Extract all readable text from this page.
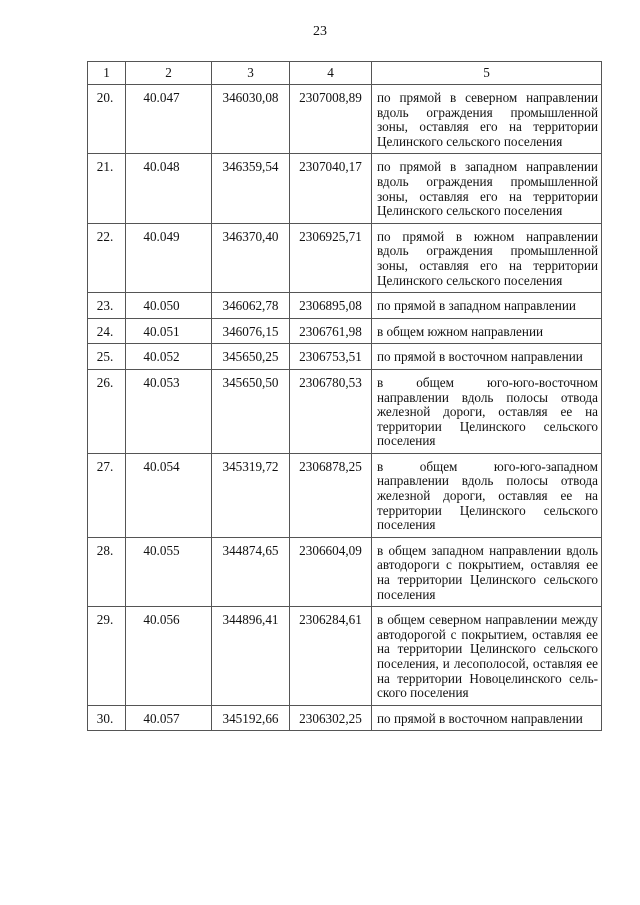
23
1	2	3	4	5
20.	40.047	346030,08	2307008,89	по прямой в северном направлении вдоль ограждения промышленной зоны, оставляя его на территории Целинского сельского поселения
21.	40.048	346359,54	2307040,17	по прямой в западном направлении вдоль ограждения промышленной зоны, оставляя его на территории Целинского сельского поселения
22.	40.049	346370,40	2306925,71	по прямой в южном направлении вдоль ограждения промышленной зоны, оставляя его на территории Целинского сельского поселения
23.	40.050	346062,78	2306895,08	по прямой в западном направлении
24.	40.051	346076,15	2306761,98	в общем южном направлении
25.	40.052	345650,25	2306753,51	по прямой в восточном направлении
26.	40.053	345650,50	2306780,53	в общем юго-юго-восточном направлении вдоль полосы отвода железной дороги, оставляя ее на территории Целинского сельского поселения
27.	40.054	345319,72	2306878,25	в общем юго-юго-западном направлении вдоль полосы отвода железной дороги, оставляя ее на территории Целинского сельского поселения
28.	40.055	344874,65	2306604,09	в общем западном направлении вдоль автодороги с покрытием, оставляя ее на территории Целинского сельского поселения
29.	40.056	344896,41	2306284,61	в общем северном направлении между автодорогой с покрытием, оставляя ее на территории Целинского сельского поселения, и лесополосой, оставляя ее на территории Новоцелинского сельского поселения
30.	40.057	345192,66	2306302,25	по прямой в восточном направлении
